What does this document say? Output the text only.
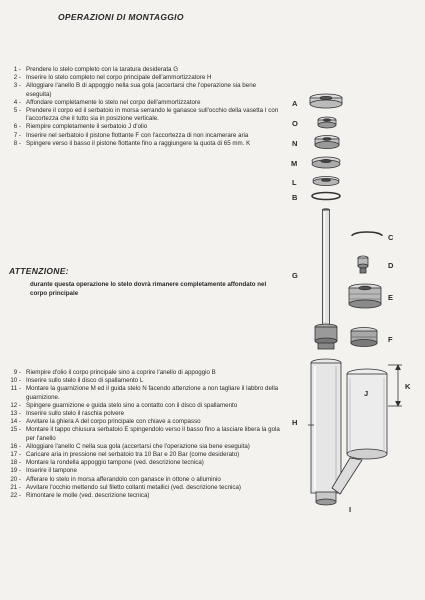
OPERAZIONI DI MONTAGGIO
1 - Prendere lo stelo completo con la taratura desiderata G
2 - Inserire lo stelo completo nel corpo principale dell'ammortizzatore H
3 - Alloggiare l'anello B di appoggio nella sua gola (accertarsi che l'operazione sia bene eseguita)
4 - Affondare completamente lo stelo nel corpo dell'ammortizzatore
5 - Prendere il corpo ed il serbatoio in morsa serrando le ganasce sull'occhio della vasetta I con l'accortezza che il tutto sia in posizione verticale.
6 - Riempire completamente il serbatoio J d'olio
7 - Inserire nel serbatoio il pistone flottante F con l'accortezza di non incamerare aria
8 - Spingere verso il basso il pistone flottante fino a raggiungere la quota di 65 mm. K
ATTENZIONE:
durante questa operazione lo stelo dovrà rimanere completamente affondato nel corpo principale
9 - Riempire d'olio il corpo principale sino a coprire l'anello di appoggio B
10 - Inserire sullo stelo il disco di spallamento L
11 - Montare la guarnizione M ed il guida stelo N facendo attenzione a non tagliare il labbro della guarnizione.
12 - Spingere guarnizione e guida stelo sino a contatto con il disco di spallamento
13 - Inserire sullo stelo il raschia polvere
14 - Avvitare la ghiera A del corpo principale con chiave a compasso
15 - Montare il tappo chiusura serbatoio E spingendolo verso il basso fino a lasciare libera la gola per l'anello
16 - Alloggiare l'anello C nella sua gola (accertarsi che l'operazione sia bene eseguita)
17 - Caricare aria in pressione nel serbatoio tra 10 Bar e 20 Bar (come desiderato)
18 - Montare la rondella appoggio tampone (ved. descrizione tecnica)
19 - Inserire il tampone
20 - Afferare lo stelo in morsa afferandolo con ganasce in ottone o alluminio
21 - Avvitare l'occhio mettendo sul filetto collanti metallici (ved. descrizione tecnica)
22 - Rimontare le molle (ved. descrizione tecnica)
A
O
N
M
L
B
C
D
G
E
F
K
J
H
I
